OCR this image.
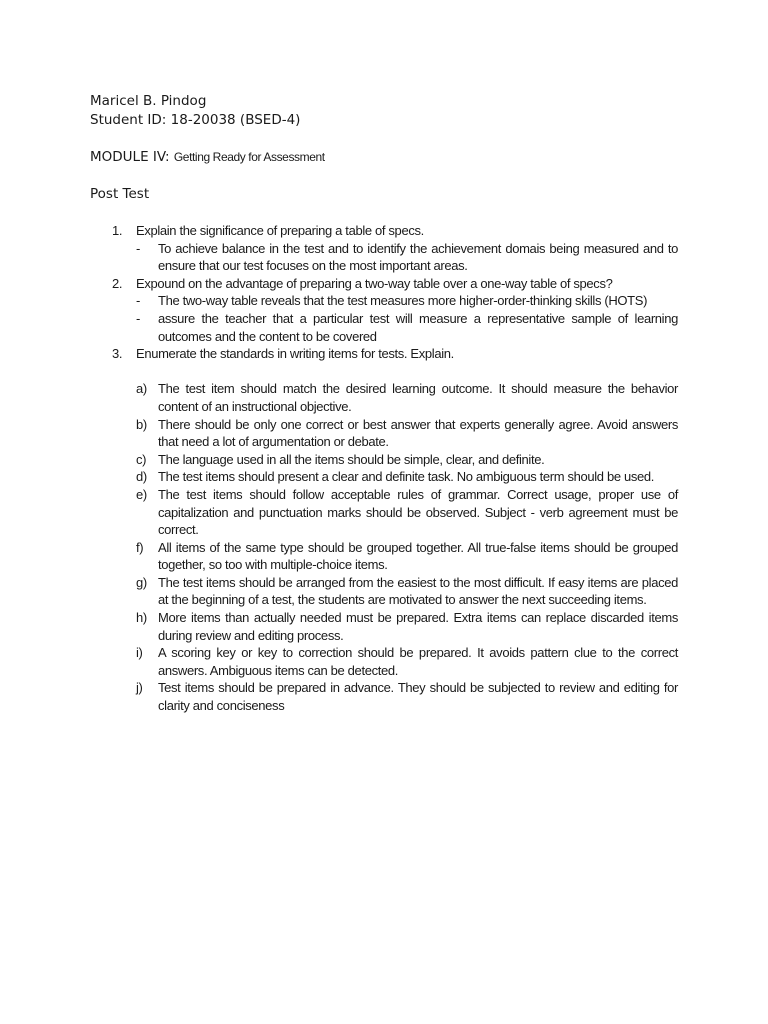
Maricel B. Pindog
Student ID: 18-20038 (BSED-4)
MODULE IV: Getting Ready for Assessment
Post Test
1.	Explain the significance of preparing a table of specs.
-	To achieve balance in the test and to identify the achievement domais being measured and to ensure that our test focuses on the most important areas.
2.	Expound on the advantage of preparing a two-way table over a one-way table of specs?
-	The two-way table reveals that the test measures more higher-order-thinking skills (HOTS)
-	assure the teacher that a particular test will measure a representative sample of learning outcomes and the content to be covered
3.	Enumerate the standards in writing items for tests. Explain.
a) The test item should match the desired learning outcome. It should measure the behavior content of an instructional objective.
b) There should be only one correct or best answer that experts generally agree. Avoid answers that need a lot of argumentation or debate.
c) The language used in all the items should be simple, clear, and definite.
d) The test items should present a clear and definite task. No ambiguous term should be used.
e) The test items should follow acceptable rules of grammar. Correct usage, proper use of capitalization and punctuation marks should be observed. Subject - verb agreement must be correct.
f)	All items of the same type should be grouped together. All true-false items should be grouped together, so too with multiple-choice items.
g) The test items should be arranged from the easiest to the most difficult. If easy items are placed at the beginning of a test, the students are motivated to answer the next succeeding items.
h) More items than actually needed must be prepared. Extra items can replace discarded items during review and editing process.
i)	A scoring key or key to correction should be prepared. It avoids pattern clue to the correct answers. Ambiguous items can be detected.
j)	Test items should be prepared in advance. They should be subjected to review and editing for clarity and conciseness
